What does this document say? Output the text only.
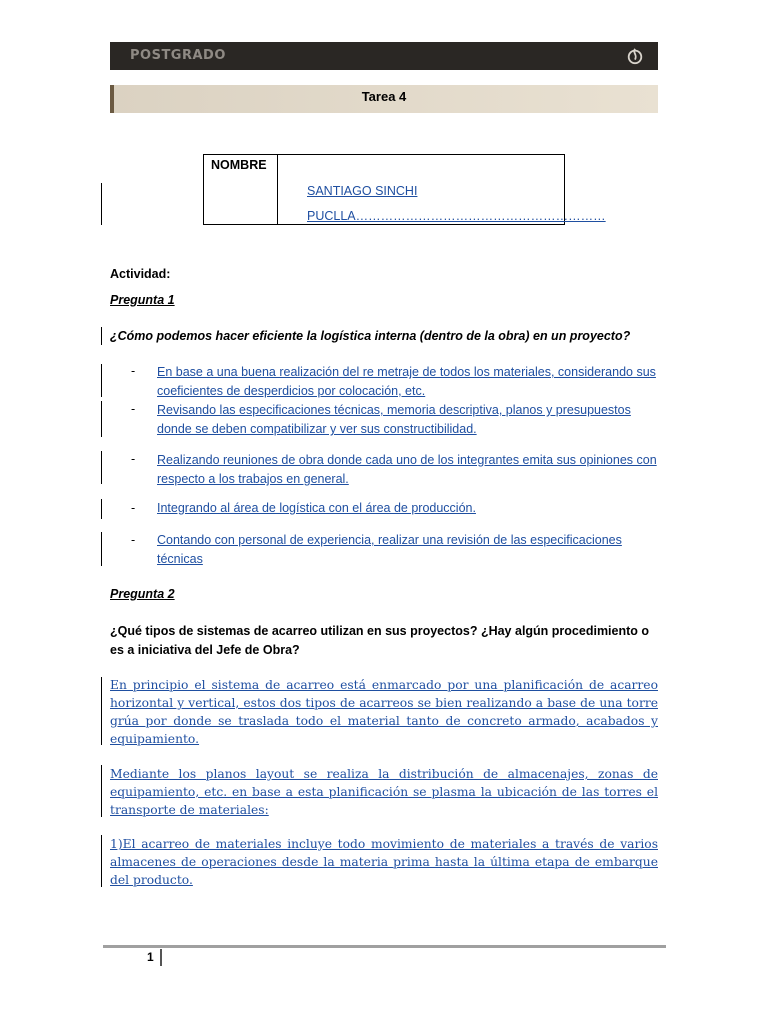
POSTGRADO
Tarea 4
NOMBRE
SANTIAGO SINCHI
PUCLLA……………………………………………………
Actividad:
Pregunta 1
¿Cómo podemos hacer eficiente la logística interna (dentro de la obra) en un proyecto?
- En base a una buena realización del re metraje de todos los materiales, considerando sus coeficientes de desperdicios por colocación, etc.
- Revisando las especificaciones técnicas, memoria descriptiva, planos y presupuestos donde se deben compatibilizar y ver sus constructibilidad.
- Realizando reuniones de obra donde cada uno de los integrantes emita sus opiniones con respecto a los trabajos en general.
- Integrando al área de logística con el área de producción.
- Contando con personal de experiencia, realizar una revisión de las especificaciones técnicas
Pregunta 2
¿Qué tipos de sistemas de acarreo utilizan en sus proyectos? ¿Hay algún procedimiento o es a iniciativa del Jefe de Obra?
En principio el sistema de acarreo está enmarcado por una planificación de acarreo horizontal y vertical, estos dos tipos de acarreos se bien realizando a base de una torre grúa por donde se traslada todo el material tanto de concreto armado, acabados y equipamiento.
Mediante los planos layout se realiza la distribución de almacenajes, zonas de equipamiento, etc. en base a esta planificación se plasma la ubicación de las torres el transporte de materiales:
1)El acarreo de materiales incluye todo movimiento de materiales a través de varios almacenes de operaciones desde la materia prima hasta la última etapa de embarque del producto.
1
